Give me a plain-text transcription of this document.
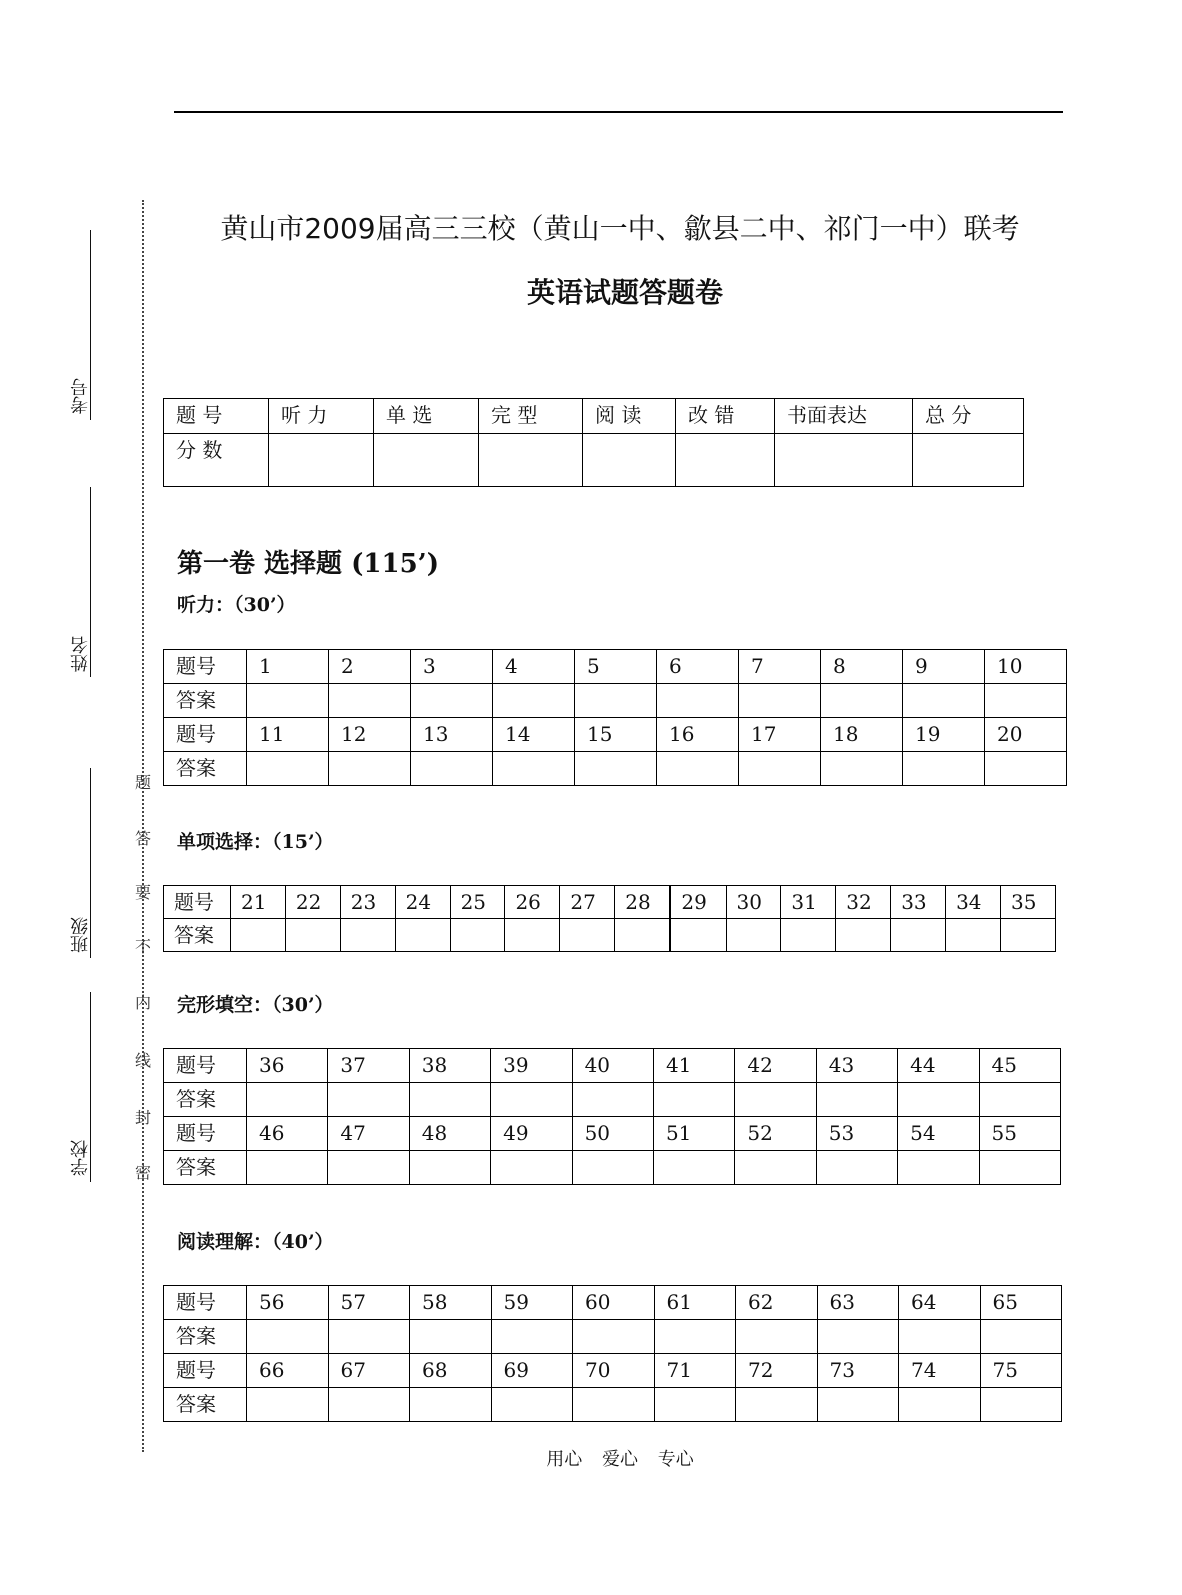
考号
姓名
班级
学校	密
封
线
内
不
要
答
题
黄山市2009届高三三校（黄山一中、歙县二中、祁门一中）联考
英语试题答题卷
题 号	听 力	单 选	完 型	阅 读	改 错	书面表达	总 分
分 数							
第一卷 选择题 (115’)
听力：（30’）
题号	1	2	3	4	5	6	7	8	9	10
答案										
题号	11	12	13	14	15	16	17	18	19	20
答案										
单项选择：（15’）
题号	21	22	23	24	25	26	27	28	29	30	31	32	33	34	35
答案															
完形填空：（30’）
题号	36	37	38	39	40	41	42	43	44	45
答案										
题号	46	47	48	49	50	51	52	53	54	55
答案										
阅读理解：（40’）
题号	56	57	58	59	60	61	62	63	64	65
答案										
题号	66	67	68	69	70	71	72	73	74	75
答案										
用心 爱心 专心
